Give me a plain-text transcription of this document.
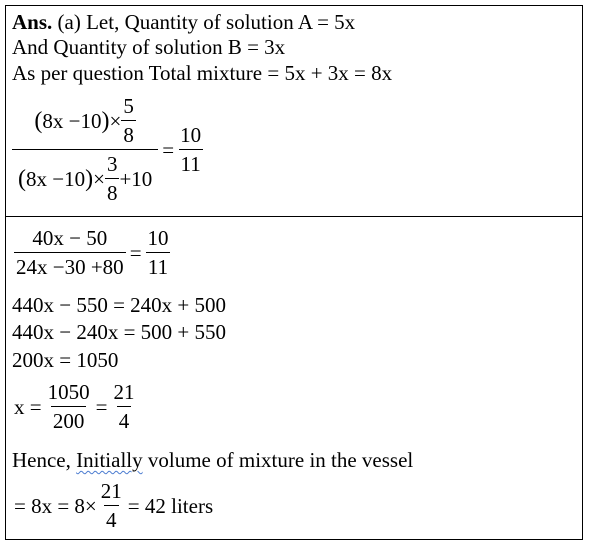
Ans. (a) Let, Quantity of solution A = 5x
And Quantity of solution B = 3x
As per question Total mixture = 5x + 3x = 8x
$\frac{( 8x -10 ) \times \frac{5}{8}}{( 8x -10 ) \times \frac{3}{8} +10} = \frac{10}{11}$
$\frac{40x - 50}{24x -30 +80} = \frac{10}{11}$
440x − 550 = 240x + 500
440x − 240x = 500 + 550
200x = 1050
$x = \frac{1050}{200} = \frac{21}{4}$
Hence, Initially volume of mixture in the vessel
= $8x = 8\times \frac{21}{4} = 42$ liters
